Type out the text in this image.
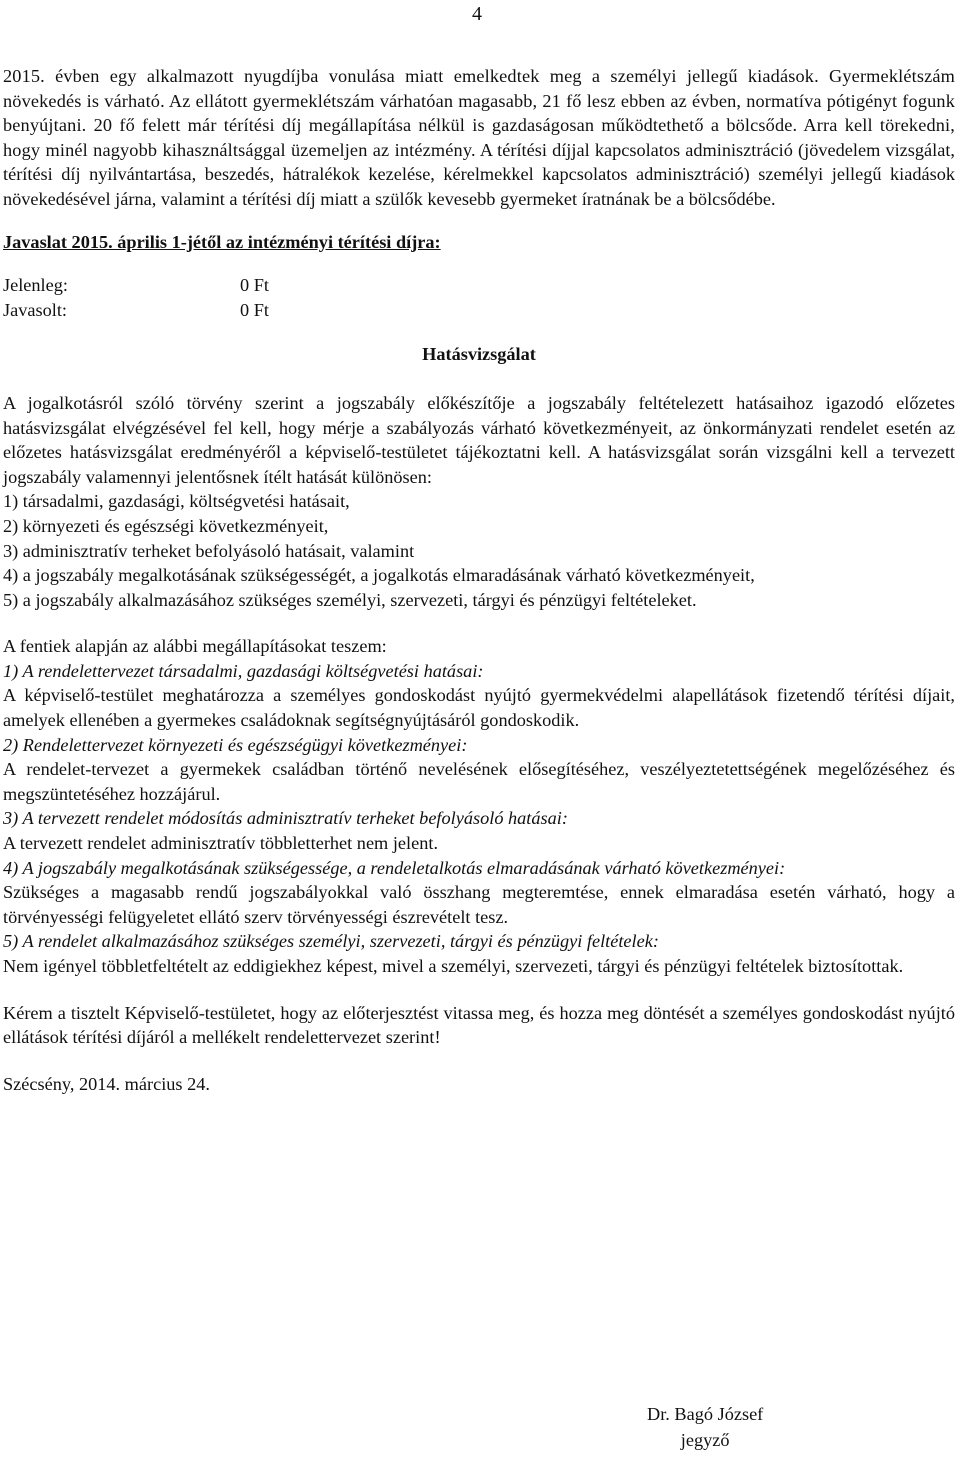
4

2015. évben egy alkalmazott nyugdíjba vonulása miatt emelkedtek meg a személyi jellegű kiadások. Gyermeklétszám növekedés is várható. Az ellátott gyermeklétszám várhatóan magasabb, 21 fő lesz ebben az évben, normatíva pótigényt fogunk benyújtani. 20 fő felett már térítési díj megállapítása nélkül is gazdaságosan működtethető a bölcsőde. Arra kell törekedni, hogy minél nagyobb kihasználtsággal üzemeljen az intézmény. A térítési díjjal kapcsolatos adminisztráció (jövedelem vizsgálat, térítési díj nyilvántartása, beszedés, hátralékok kezelése, kérelmekkel kapcsolatos adminisztráció) személyi jellegű kiadások növekedésével járna, valamint a térítési díj miatt a szülők kevesebb gyermeket íratnának be a bölcsődébe.

Javaslat 2015. április 1-jétől az intézményi térítési díjra:

Jelenleg:	0 Ft
Javasolt:	0 Ft

Hatásvizsgálat

A jogalkotásról szóló törvény szerint a jogszabály előkészítője a jogszabály feltételezett hatásaihoz igazodó előzetes hatásvizsgálat elvégzésével fel kell, hogy mérje a szabályozás várható következményeit, az önkormányzati rendelet esetén az előzetes hatásvizsgálat eredményéről a képviselő-testületet tájékoztatni kell. A hatásvizsgálat során vizsgálni kell a tervezett jogszabály valamennyi jelentősnek ítélt hatását különösen:

1) társadalmi, gazdasági, költségvetési hatásait,

2) környezeti és egészségi következményeit,

3) adminisztratív terheket befolyásoló hatásait, valamint

4) a jogszabály megalkotásának szükségességét, a jogalkotás elmaradásának várható következményeit,

5) a jogszabály alkalmazásához szükséges személyi, szervezeti, tárgyi és pénzügyi feltételeket.

A fentiek alapján az alábbi megállapításokat teszem:

1) A rendelettervezet társadalmi, gazdasági költségvetési hatásai:

A képviselő-testület meghatározza a személyes gondoskodást nyújtó gyermekvédelmi alapellátások fizetendő térítési díjait, amelyek ellenében a gyermekes családoknak segítségnyújtásáról gondoskodik.

2) Rendelettervezet környezeti és egészségügyi következményei:

A rendelet-tervezet a gyermekek családban történő nevelésének elősegítéséhez, veszélyeztetettségének megelőzéséhez és megszüntetéséhez hozzájárul.

3) A tervezett rendelet módosítás adminisztratív terheket befolyásoló hatásai:

A tervezett rendelet adminisztratív többletterhet nem jelent.

4) A jogszabály megalkotásának szükségessége, a rendeletalkotás elmaradásának várható következményei:

Szükséges a magasabb rendű jogszabályokkal való összhang megteremtése, ennek elmaradása esetén várható, hogy a törvényességi felügyeletet ellátó szerv törvényességi észrevételt tesz.

5) A rendelet alkalmazásához szükséges személyi, szervezeti, tárgyi és pénzügyi feltételek:

Nem igényel többletfeltételt az eddigiekhez képest, mivel a személyi, szervezeti, tárgyi és pénzügyi feltételek biztosítottak.

Kérem a tisztelt Képviselő-testületet, hogy az előterjesztést vitassa meg, és hozza meg döntését a személyes gondoskodást nyújtó ellátások térítési díjáról a mellékelt rendelettervezet szerint!

Szécsény, 2014. március 24.

Dr. Bagó József
jegyző
